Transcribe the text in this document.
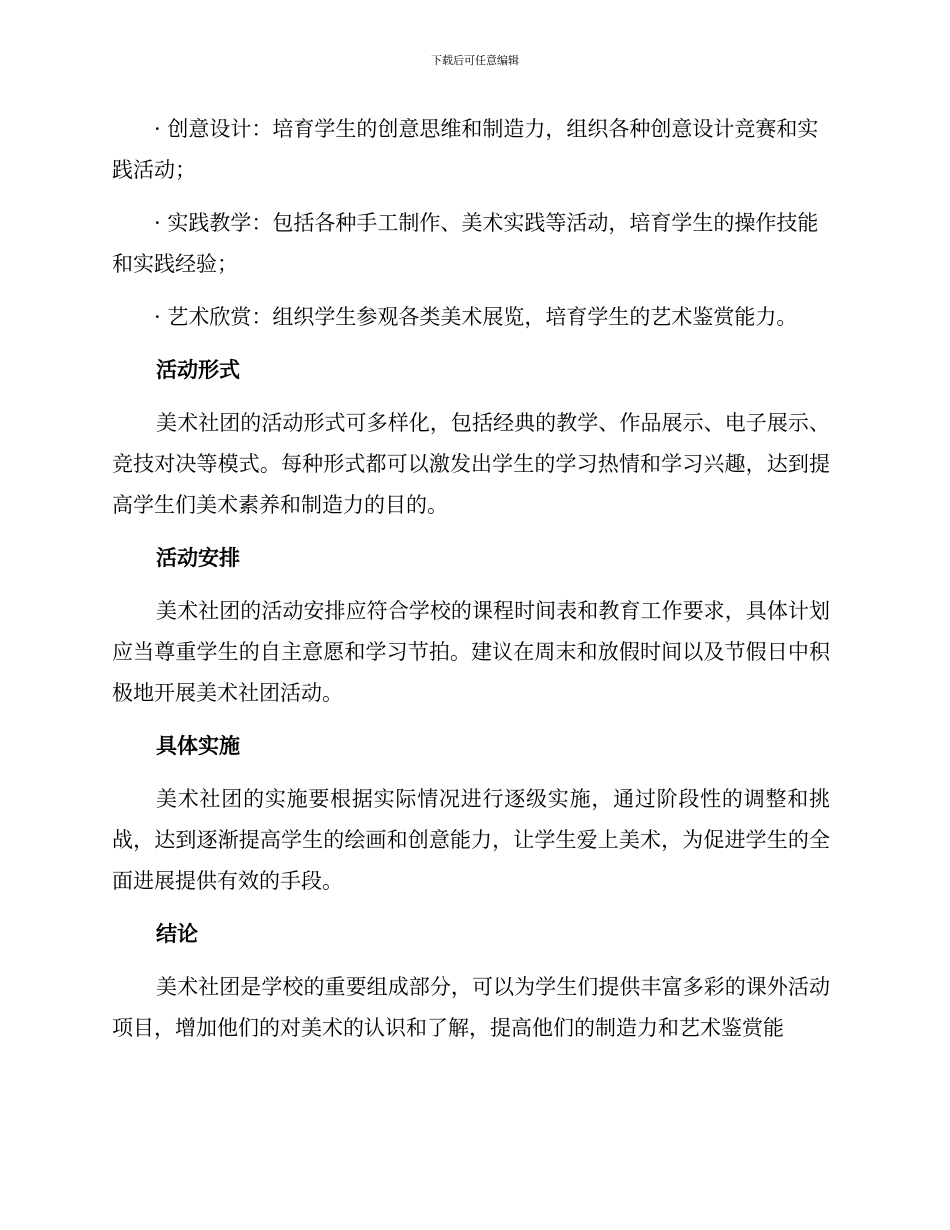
下载后可任意编辑

· 创意设计：培育学生的创意思维和制造力，组织各种创意设计竞赛和实践活动；

· 实践教学：包括各种手工制作、美术实践等活动，培育学生的操作技能和实践经验；

· 艺术欣赏：组织学生参观各类美术展览，培育学生的艺术鉴赏能力。

活动形式

美术社团的活动形式可多样化，包括经典的教学、作品展示、电子展示、竞技对决等模式。每种形式都可以激发出学生的学习热情和学习兴趣，达到提高学生们美术素养和制造力的目的。

活动安排

美术社团的活动安排应符合学校的课程时间表和教育工作要求，具体计划应当尊重学生的自主意愿和学习节拍。建议在周末和放假时间以及节假日中积极地开展美术社团活动。

具体实施

美术社团的实施要根据实际情况进行逐级实施，通过阶段性的调整和挑战，达到逐渐提高学生的绘画和创意能力，让学生爱上美术，为促进学生的全面进展提供有效的手段。

结论

美术社团是学校的重要组成部分，可以为学生们提供丰富多彩的课外活动项目，增加他们的对美术的认识和了解，提高他们的制造力和艺术鉴赏能
